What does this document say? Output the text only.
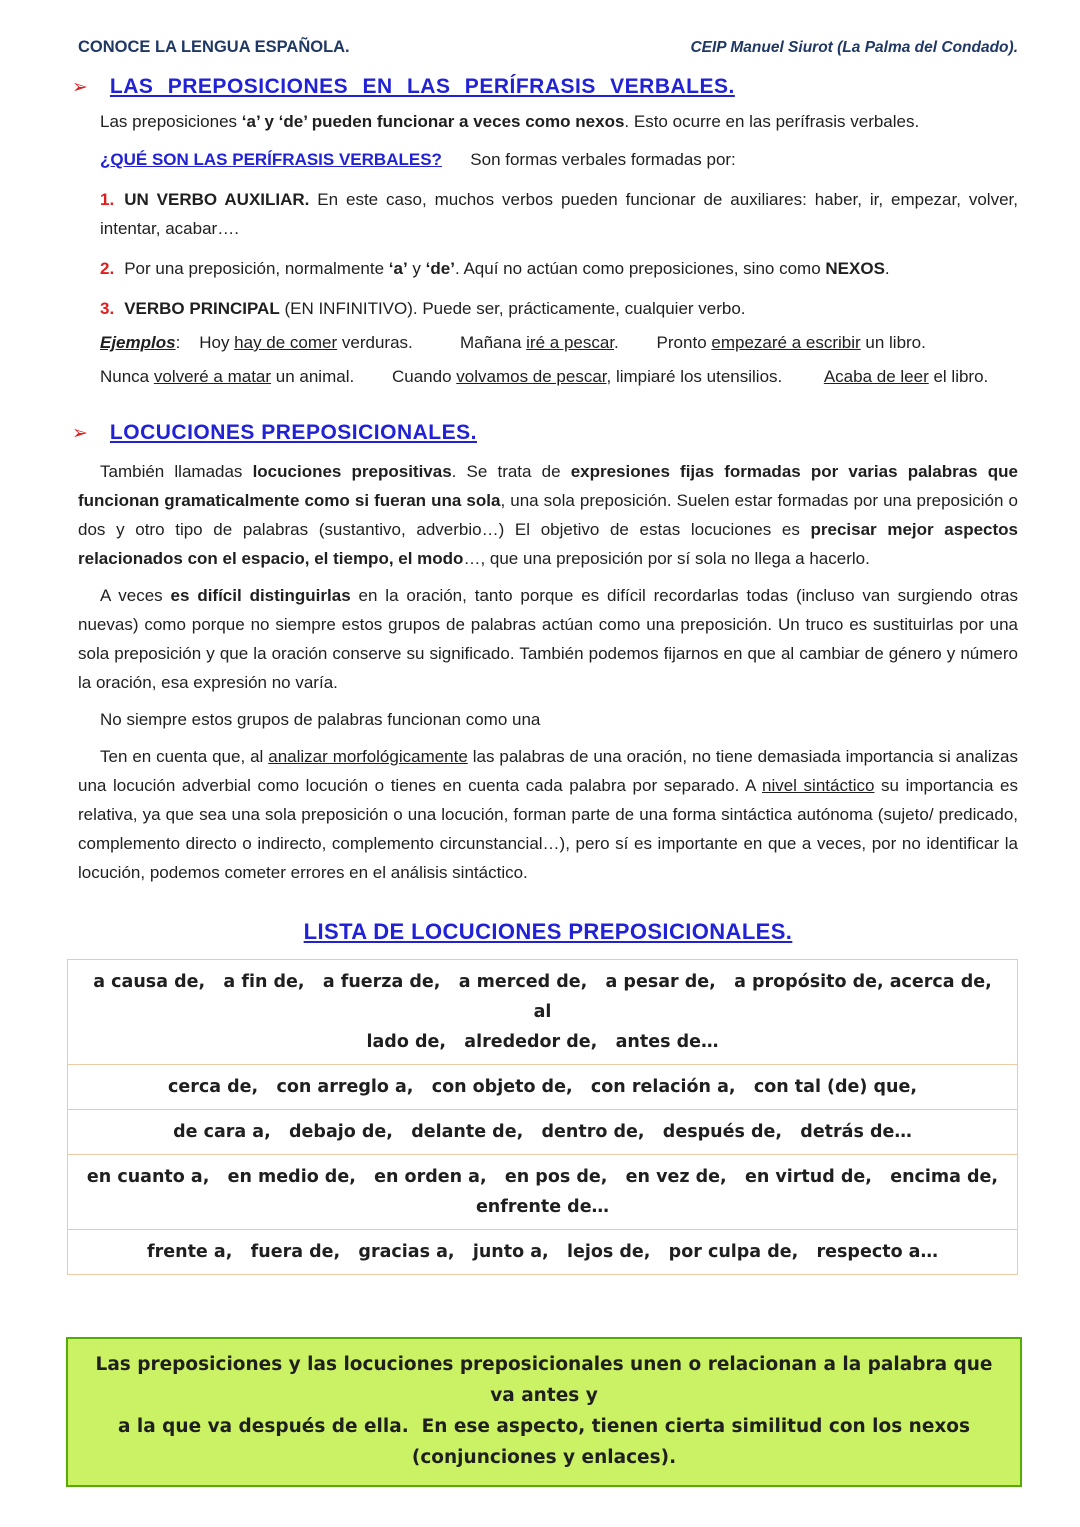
CONOCE LA LENGUA ESPAÑOLA.	CEIP Manuel Siurot (La Palma del Condado).
➢ LAS PREPOSICIONES EN LAS PERÍFRASIS VERBALES.

Las preposiciones ‘a’ y ‘de’ pueden funcionar a veces como nexos. Esto ocurre en las perífrasis verbales.

¿QUÉ SON LAS PERÍFRASIS VERBALES?      Son formas verbales formadas por:

1. UN VERBO AUXILIAR. En este caso, muchos verbos pueden funcionar de auxiliares: haber, ir, empezar, volver, intentar, acabar….

2. Por una preposición, normalmente ‘a’ y ‘de’. Aquí no actúan como preposiciones, sino como NEXOS.

3. VERBO PRINCIPAL (EN INFINITIVO). Puede ser, prácticamente, cualquier verbo.

Ejemplos:    Hoy hay de comer verduras.          Mañana iré a pescar.        Pronto empezaré a escribir un libro.

Nunca volveré a matar un animal.        Cuando volvamos de pescar, limpiaré los utensilios.         Acaba de leer el libro.

➢ LOCUCIONES PREPOSICIONALES.

También llamadas locuciones prepositivas. Se trata de expresiones fijas formadas por varias palabras que funcionan gramaticalmente como si fueran una sola, una sola preposición. Suelen estar formadas por una preposición o dos y otro tipo de palabras (sustantivo, adverbio…) El objetivo de estas locuciones es precisar mejor aspectos relacionados con el espacio, el tiempo, el modo…, que una preposición por sí sola no llega a hacerlo.

A veces es difícil distinguirlas en la oración, tanto porque es difícil recordarlas todas (incluso van surgiendo otras nuevas) como porque no siempre estos grupos de palabras actúan como una preposición. Un truco es sustituirlas por una sola preposición y que la oración conserve su significado. También podemos fijarnos en que al cambiar de género y número la oración, esa expresión no varía.

No siempre estos grupos de palabras funcionan como una

Ten en cuenta que, al analizar morfológicamente las palabras de una oración, no tiene demasiada importancia si analizas una locución adverbial como locución o tienes en cuenta cada palabra por separado. A nivel sintáctico su importancia es relativa, ya que sea una sola preposición o una locución, forman parte de una forma sintáctica autónoma (sujeto/ predicado, complemento directo o indirecto, complemento circunstancial…), pero sí es importante en que a veces, por no identificar la locución, podemos cometer errores en el análisis sintáctico.

LISTA DE LOCUCIONES PREPOSICIONALES.
a causa de,   a fin de,   a fuerza de,   a merced de,   a pesar de,   a propósito de, acerca de,   al
lado de,   alrededor de,   antes de…

cerca de,   con arreglo a,   con objeto de,   con relación a,   con tal (de) que,

de cara a,   debajo de,   delante de,   dentro de,   después de,   detrás de…

en cuanto a,   en medio de,   en orden a,   en pos de,   en vez de,   en virtud de,   encima de,
enfrente de…

frente a,   fuera de,   gracias a,   junto a,   lejos de,   por culpa de,   respecto a…
Las preposiciones y las locuciones preposicionales unen o relacionan a la palabra que va antes y
a la que va después de ella.  En ese aspecto, tienen cierta similitud con los nexos
(conjunciones y enlaces).
